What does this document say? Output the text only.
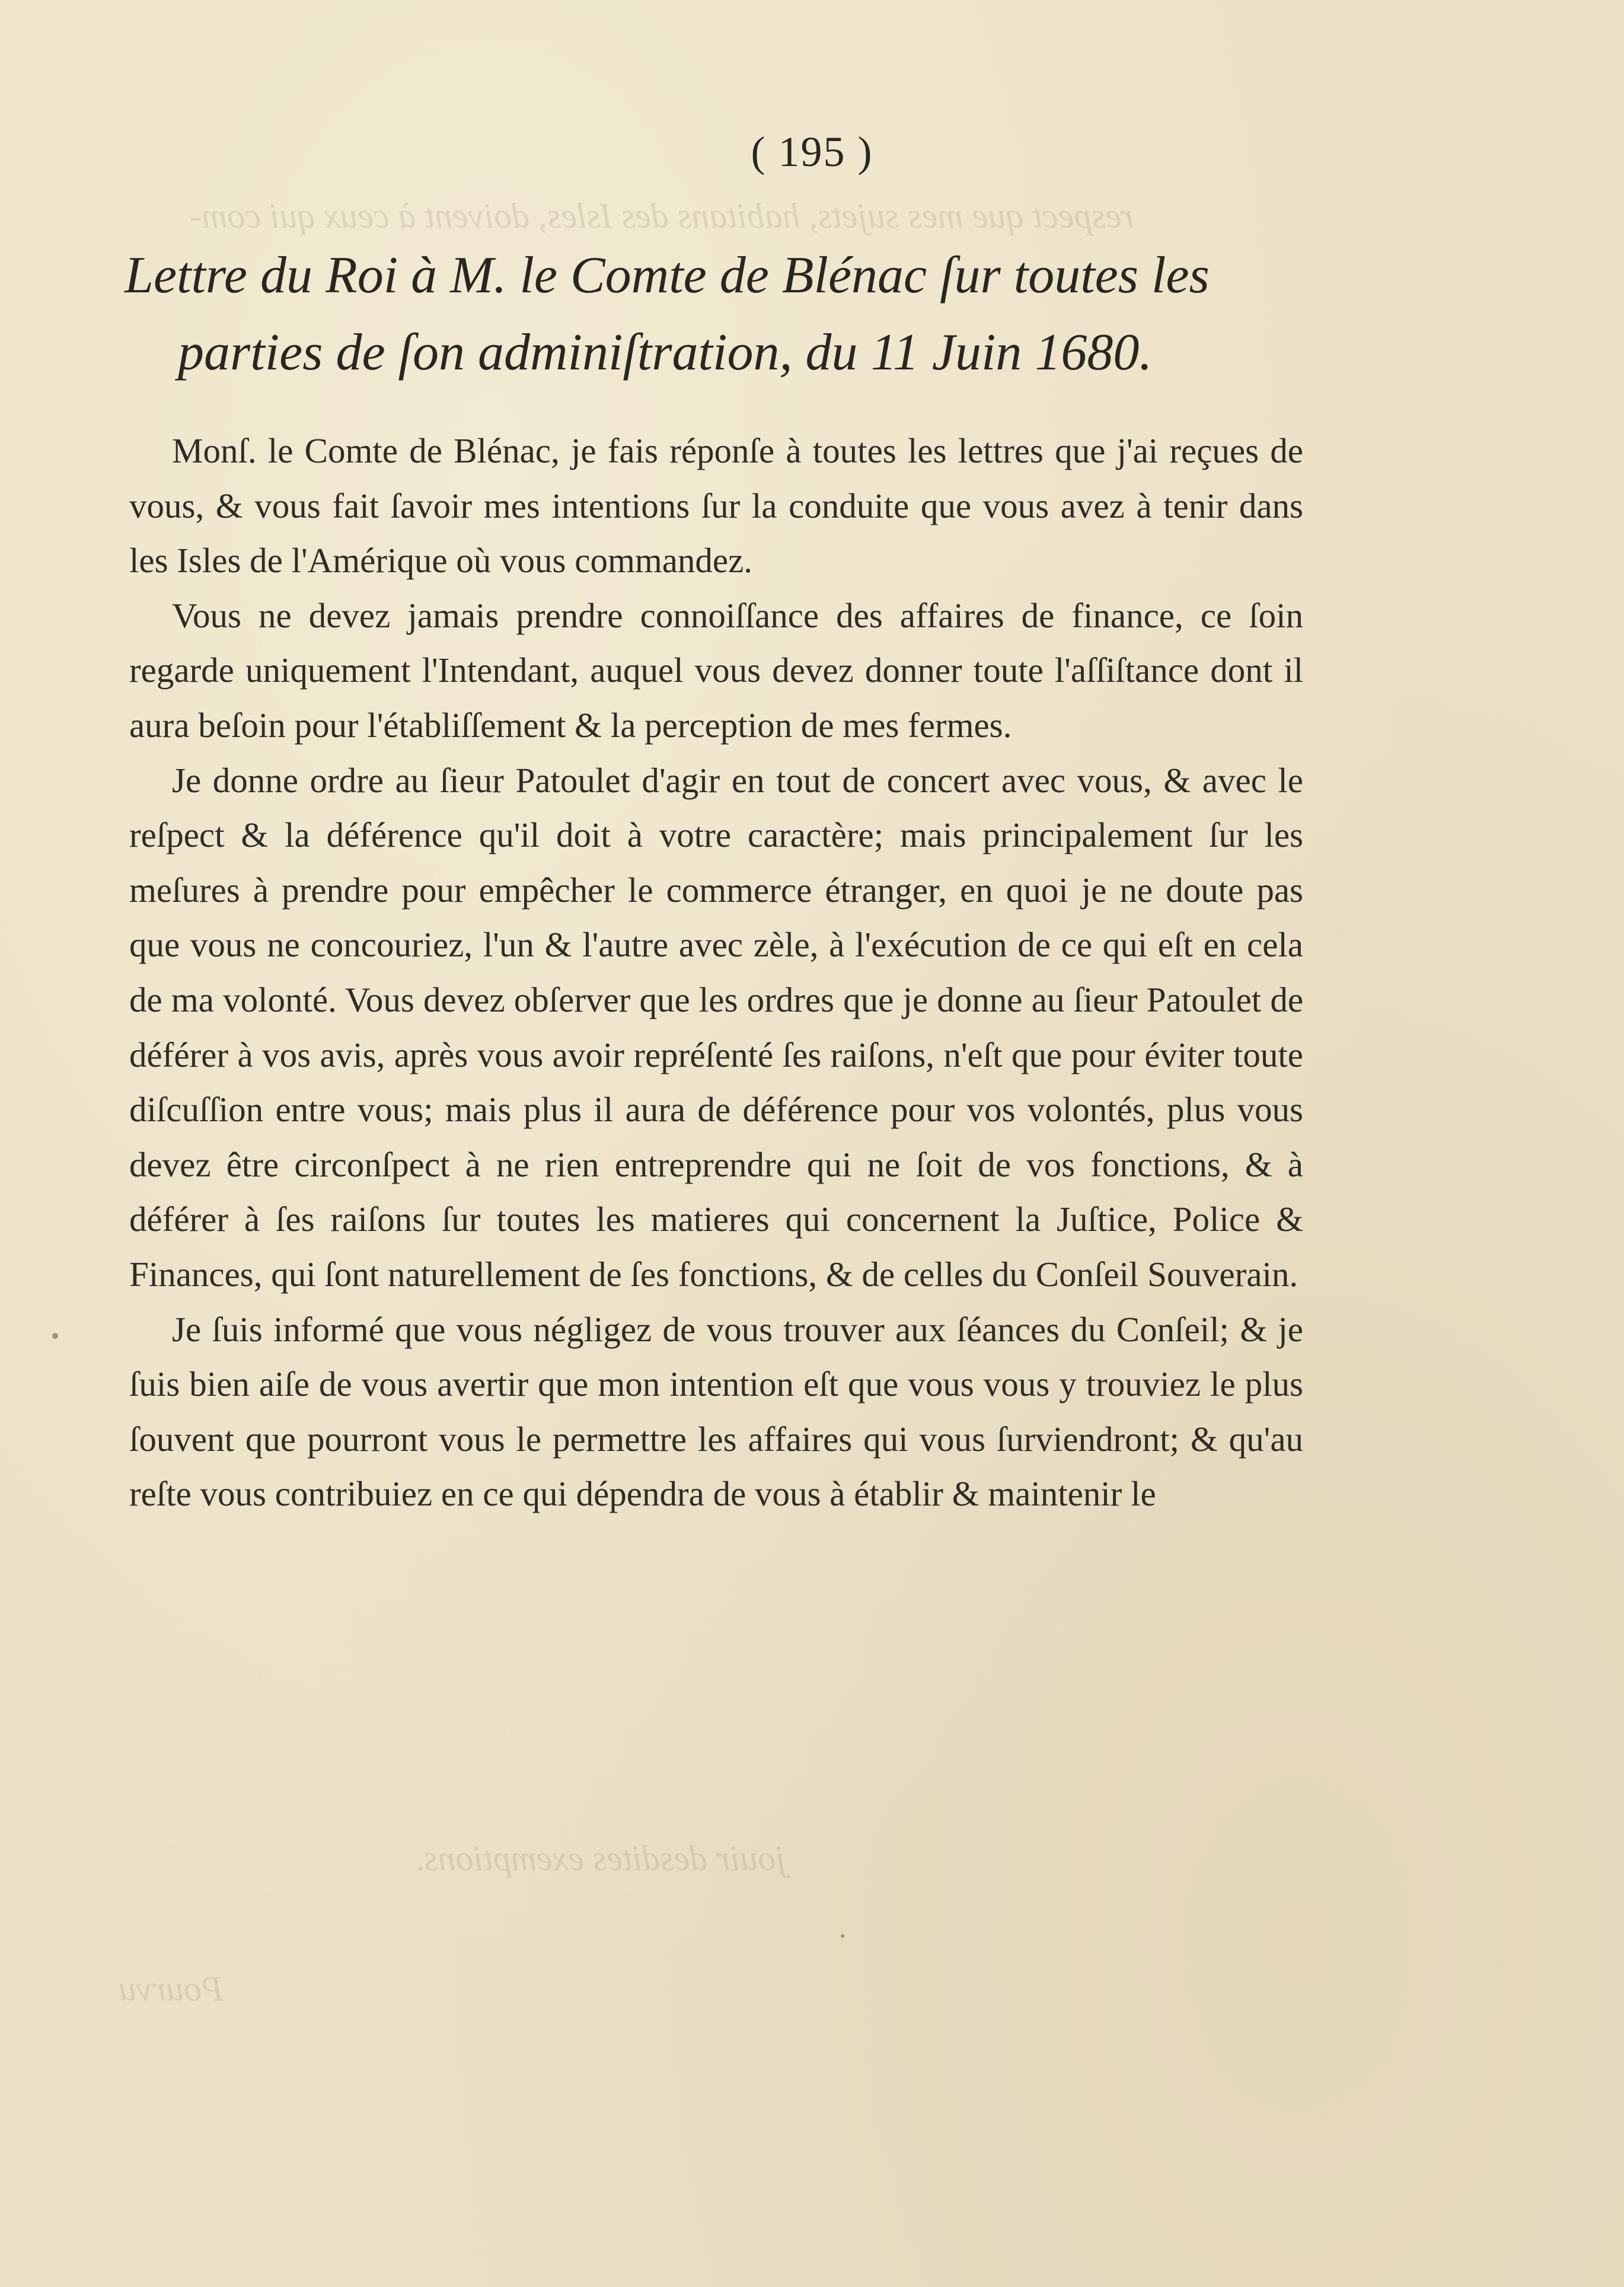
respect que mes sujets, habitans des Isles, doivent à ceux qui com-
jouir desdites exemptions.
Pourvu
( 195 )
Lettre du Roi à M. le Comte de Blénac ſur toutes les
parties de ſon adminiſtration, du 11 Juin 1680.

Monſ. le Comte de Blénac, je fais réponſe à toutes les lettres que j'ai reçues de vous, & vous fait ſavoir mes intentions ſur la conduite que vous avez à tenir dans les Isles de l'Amérique où vous commandez.

Vous ne devez jamais prendre connoiſſance des affaires de finance, ce ſoin regarde uniquement l'Intendant, auquel vous devez donner toute l'aſſiſtance dont il aura beſoin pour l'établiſſement & la perception de mes fermes.

Je donne ordre au ſieur Patoulet d'agir en tout de concert avec vous, & avec le reſpect & la déférence qu'il doit à votre caractère; mais principalement ſur les meſures à prendre pour empêcher le commerce étranger, en quoi je ne doute pas que vous ne concouriez, l'un & l'autre avec zèle, à l'exécution de ce qui eſt en cela de ma volonté. Vous devez obſerver que les ordres que je donne au ſieur Patoulet de déférer à vos avis, après vous avoir repréſenté ſes raiſons, n'eſt que pour éviter toute diſcuſſion entre vous; mais plus il aura de déférence pour vos volontés, plus vous devez être circonſpect à ne rien entreprendre qui ne ſoit de vos fonctions, & à déférer à ſes raiſons ſur toutes les matieres qui concernent la Juſtice, Police & Finances, qui ſont naturellement de ſes fonctions, & de celles du Conſeil Souverain.

Je ſuis informé que vous négligez de vous trouver aux ſéances du Conſeil; & je ſuis bien aiſe de vous avertir que mon intention eſt que vous vous y trouviez le plus ſouvent que pourront vous le permettre les affaires qui vous ſurviendront; & qu'au reſte vous contribuiez en ce qui dépendra de vous à établir & maintenir le
